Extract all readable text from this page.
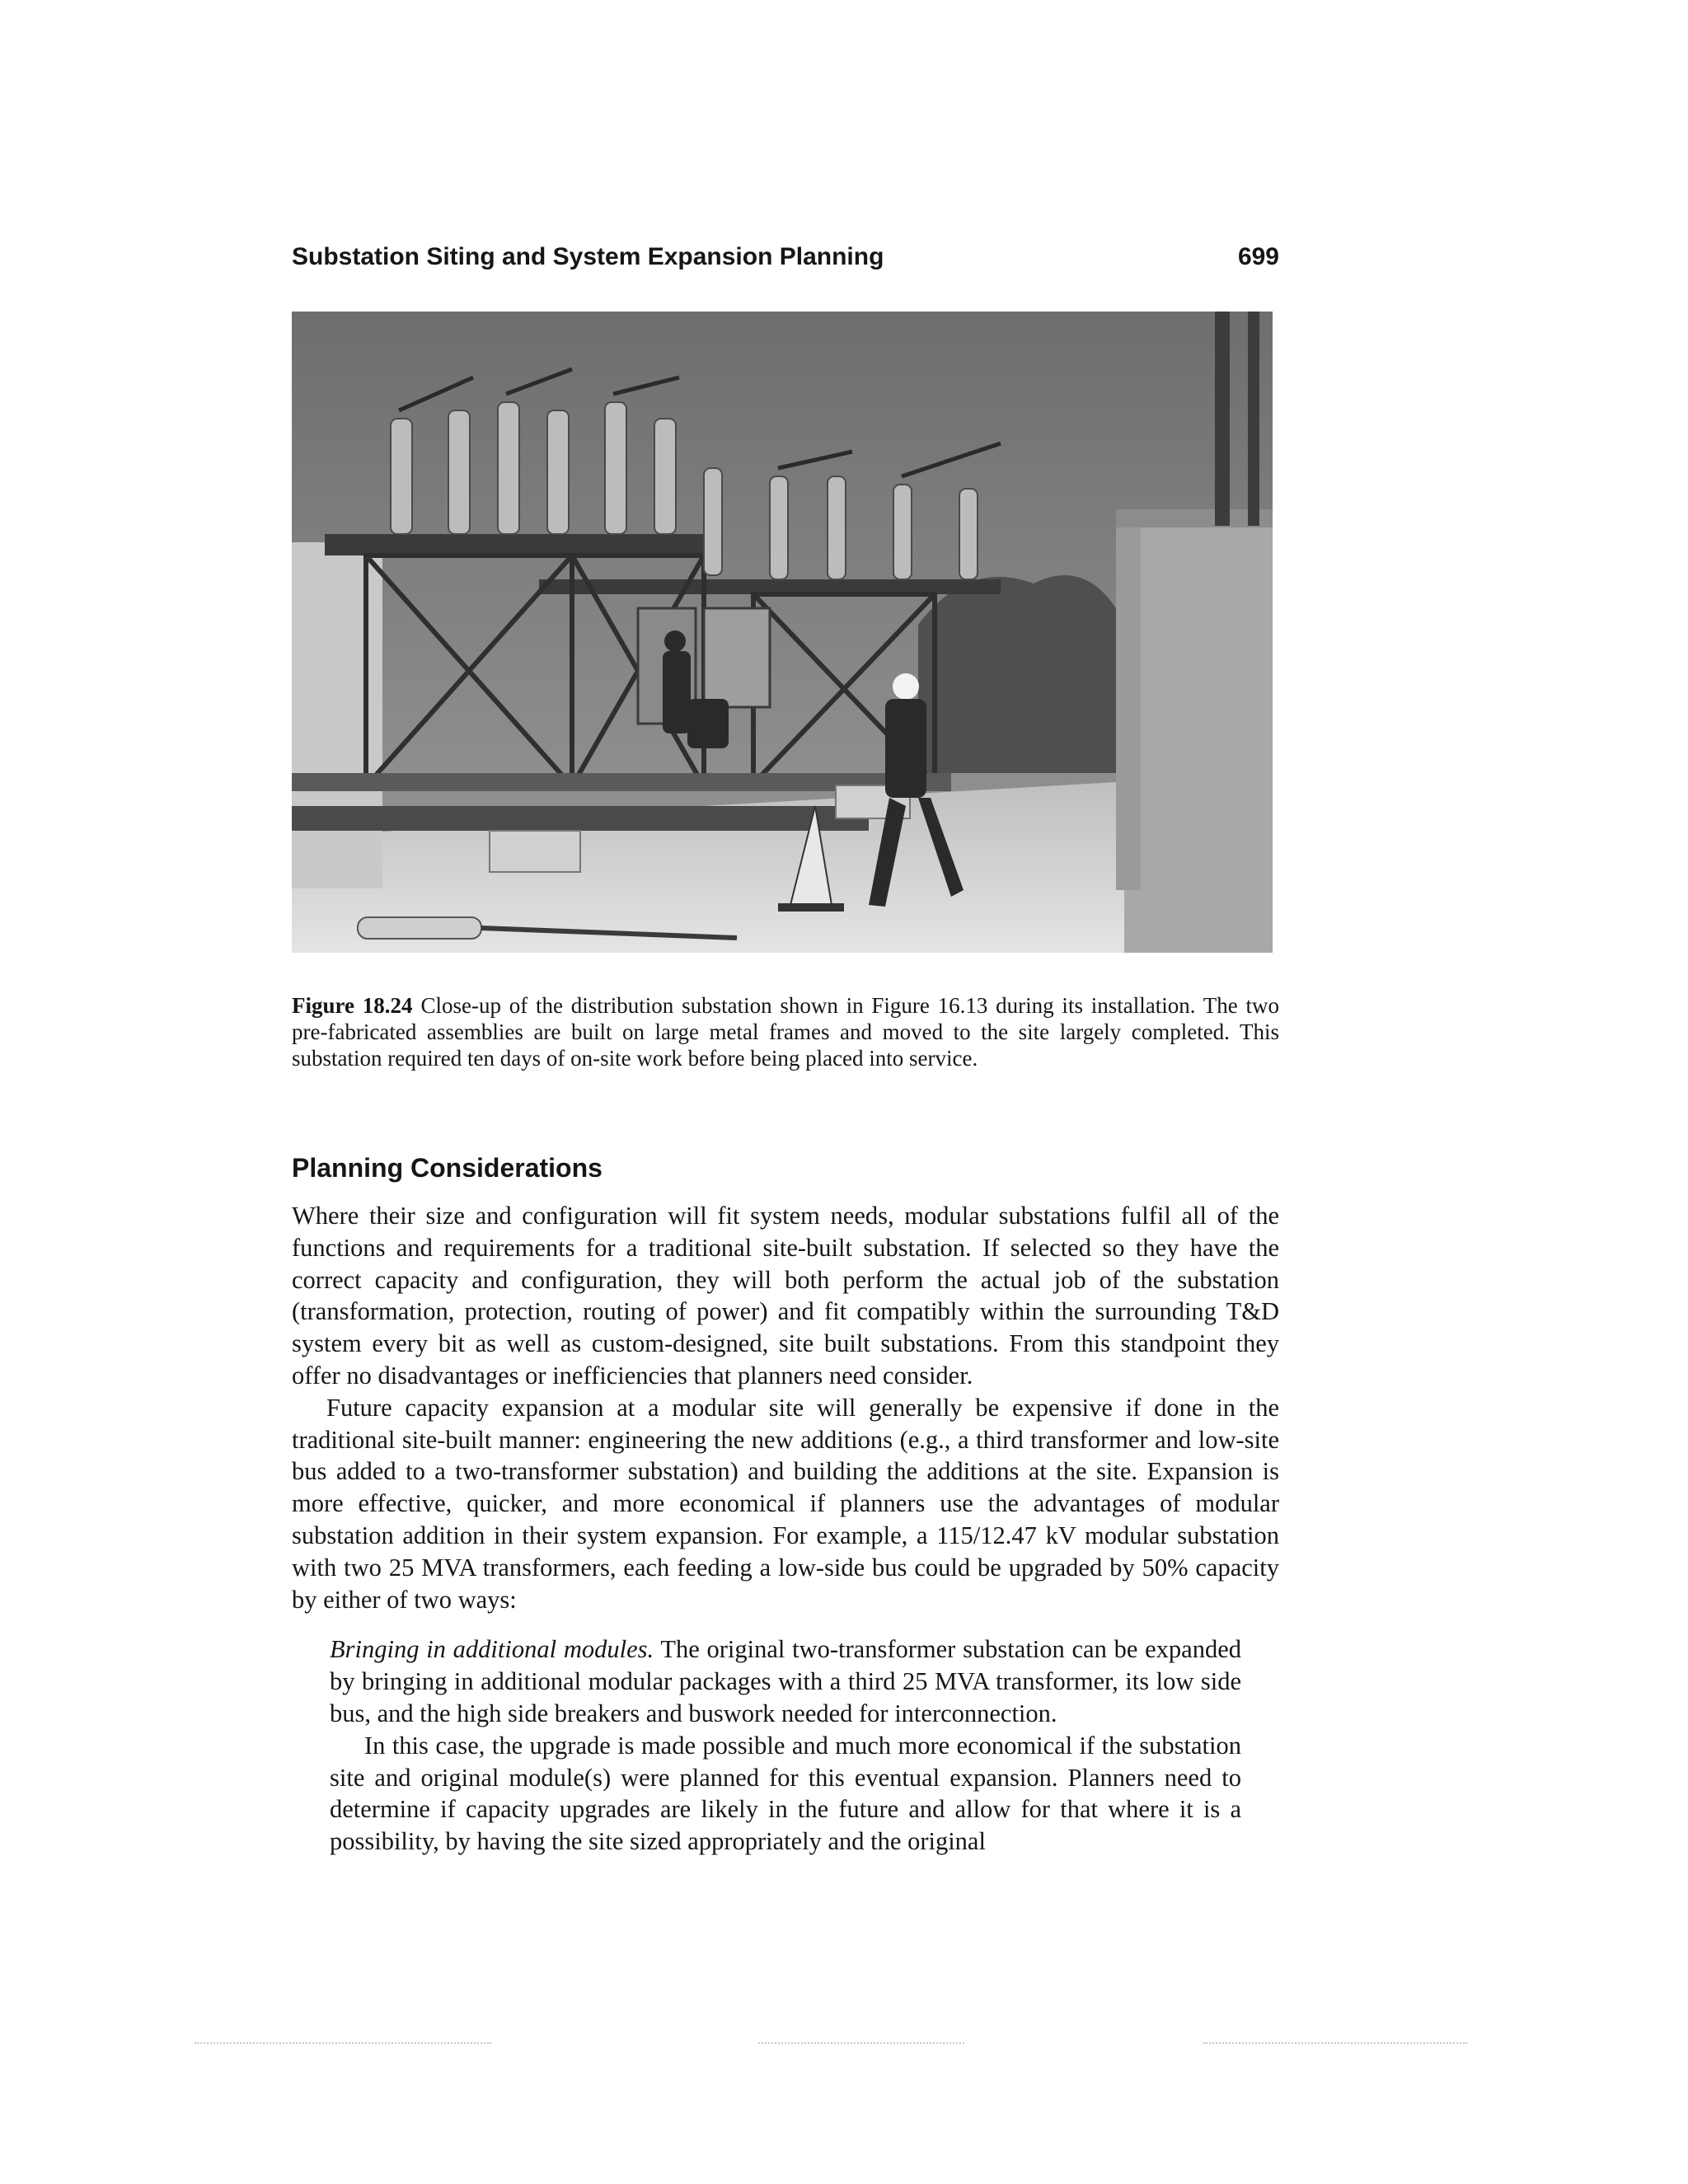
Substation Siting and System Expansion Planning	699
Figure 18.24 Close-up of the distribution substation shown in Figure 16.13 during its installation. The two pre-fabricated assemblies are built on large metal frames and moved to the site largely completed. This substation required ten days of on-site work before being placed into service.
Planning Considerations

Where their size and configuration will fit system needs, modular substations fulfil all of the functions and requirements for a traditional site-built substation. If selected so they have the correct capacity and configuration, they will both perform the actual job of the substation (transformation, protection, routing of power) and fit compatibly within the surrounding T&D system every bit as well as custom-designed, site built substations. From this standpoint they offer no disadvantages or inefficiencies that planners need consider.

Future capacity expansion at a modular site will generally be expensive if done in the traditional site-built manner: engineering the new additions (e.g., a third transformer and low-site bus added to a two-transformer substation) and building the additions at the site. Expansion is more effective, quicker, and more economical if planners use the advantages of modular substation addition in their system expansion. For example, a 115/12.47 kV modular substation with two 25 MVA transformers, each feeding a low-side bus could be upgraded by 50% capacity by either of two ways:

Bringing in additional modules. The original two-transformer substation can be expanded by bringing in additional modular packages with a third 25 MVA transformer, its low side bus, and the high side breakers and buswork needed for interconnection.

In this case, the upgrade is made possible and much more economical if the substation site and original module(s) were planned for this eventual expansion. Planners need to determine if capacity upgrades are likely in the future and allow for that where it is a possibility, by having the site sized appropriately and the original
